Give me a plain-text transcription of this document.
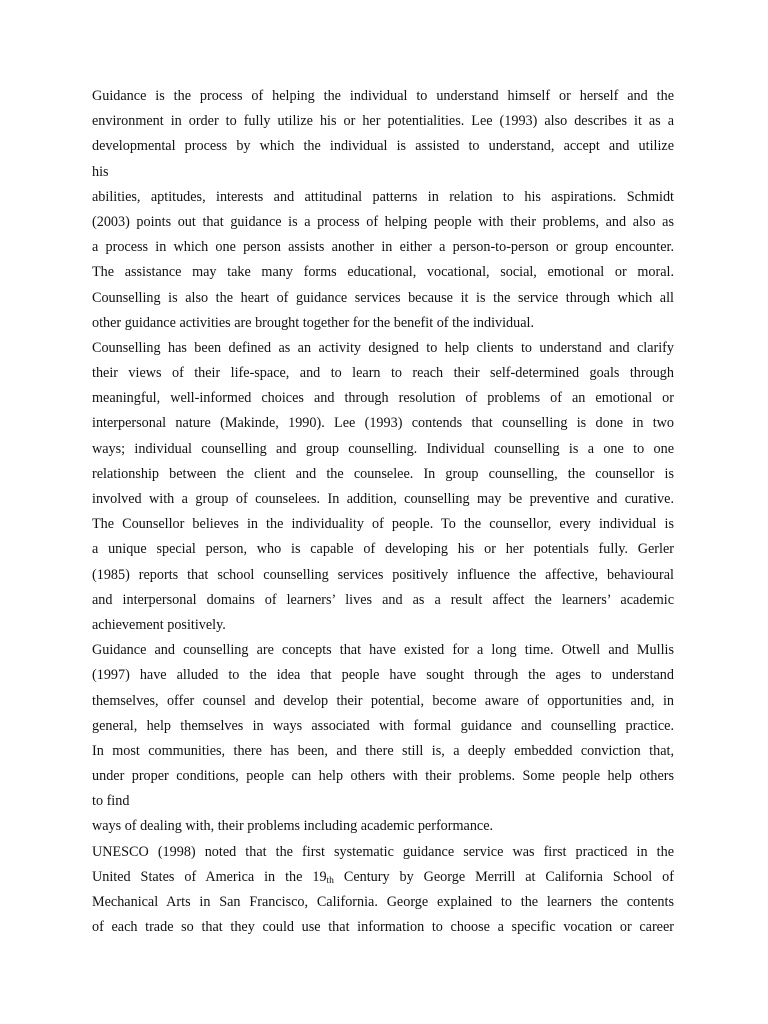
Guidance is the process of helping the individual to understand himself or herself and the
environment in order to fully utilize his or her potentialities. Lee (1993) also describes it as a
developmental process by which the individual is assisted to understand, accept and utilize
his
abilities, aptitudes, interests and attitudinal patterns in relation to his aspirations. Schmidt
(2003) points out that guidance is a process of helping people with their problems, and also as
a process in which one person assists another in either a person-to-person or group encounter.
The assistance may take many forms educational, vocational, social, emotional or moral.
Counselling is also the heart of guidance services because it is the service through which all
other guidance activities are brought together for the benefit of the individual.
Counselling has been defined as an activity designed to help clients to understand and clarify
their views of their life-space, and to learn to reach their self-determined goals through
meaningful, well-informed choices and through resolution of problems of an emotional or
interpersonal nature (Makinde, 1990). Lee (1993) contends that counselling is done in two
ways; individual counselling and group counselling. Individual counselling is a one to one
relationship between the client and the counselee. In group counselling, the counsellor is
involved with a group of counselees. In addition, counselling may be preventive and curative.
The Counsellor believes in the individuality of people. To the counsellor, every individual is
a unique special person, who is capable of developing his or her potentials fully. Gerler
(1985) reports that school counselling services positively influence the affective, behavioural
and interpersonal domains of learners’ lives and as a result affect the learners’ academic
achievement positively.
Guidance and counselling are concepts that have existed for a long time. Otwell and Mullis
(1997) have alluded to the idea that people have sought through the ages to understand
themselves, offer counsel and develop their potential, become aware of opportunities and, in
general, help themselves in ways associated with formal guidance and counselling practice.
In most communities, there has been, and there still is, a deeply embedded conviction that,
under proper conditions, people can help others with their problems. Some people help others
to find
ways of dealing with, their problems including academic performance.
UNESCO (1998) noted that the first systematic guidance service was first practiced in the
United States of America in the $19_{th}$ Century by George Merrill at California School of
Mechanical Arts in San Francisco, California. George explained to the learners the contents
of each trade so that they could use that information to choose a specific vocation or career
